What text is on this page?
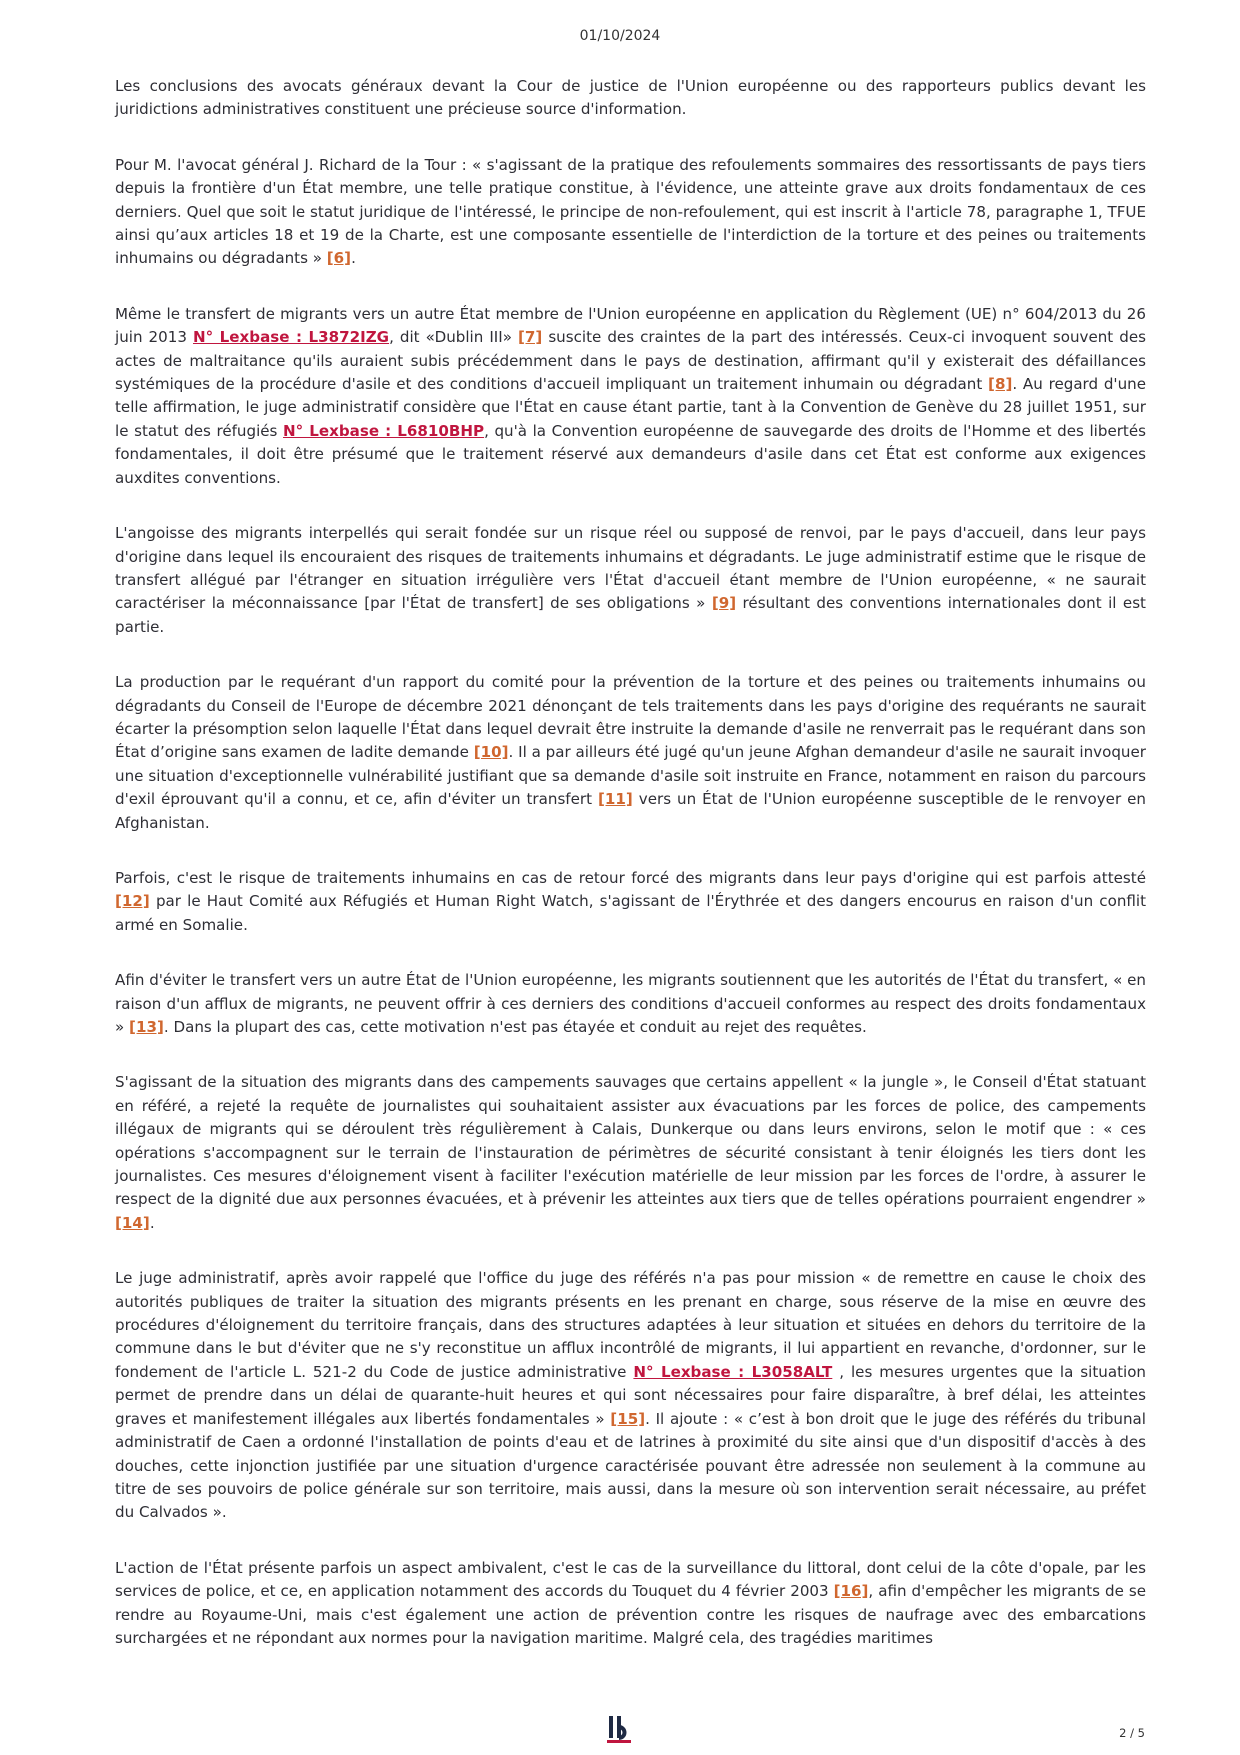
01/10/2024

Les conclusions des avocats généraux devant la Cour de justice de l'Union européenne ou des rapporteurs publics devant les juridictions administratives constituent une précieuse source d'information.

Pour M. l'avocat général J. Richard de la Tour : « s'agissant de la pratique des refoulements sommaires des ressortissants de pays tiers depuis la frontière d'un État membre, une telle pratique constitue, à l'évidence, une atteinte grave aux droits fondamentaux de ces derniers. Quel que soit le statut juridique de l'intéressé, le principe de non-refoulement, qui est inscrit à l'article 78, paragraphe 1, TFUE ainsi qu’aux articles 18 et 19 de la Charte, est une composante essentielle de l'interdiction de la torture et des peines ou traitements inhumains ou dégradants » [6].

Même le transfert de migrants vers un autre État membre de l'Union européenne en application du Règlement (UE) n° 604/2013 du 26 juin 2013 N° Lexbase : L3872IZG, dit «Dublin III» [7] suscite des craintes de la part des intéressés. Ceux-ci invoquent souvent des actes de maltraitance qu'ils auraient subis précédemment dans le pays de destination, affirmant qu'il y existerait des défaillances systémiques de la procédure d'asile et des conditions d'accueil impliquant un traitement inhumain ou dégradant [8]. Au regard d'une telle affirmation, le juge administratif considère que l'État en cause étant partie, tant à la Convention de Genève du 28 juillet 1951, sur le statut des réfugiés N° Lexbase : L6810BHP, qu'à la Convention européenne de sauvegarde des droits de l'Homme et des libertés fondamentales, il doit être présumé que le traitement réservé aux demandeurs d'asile dans cet État est conforme aux exigences auxdites conventions.

L'angoisse des migrants interpellés qui serait fondée sur un risque réel ou supposé de renvoi, par le pays d'accueil, dans leur pays d'origine dans lequel ils encouraient des risques de traitements inhumains et dégradants. Le juge administratif estime que le risque de transfert allégué par l'étranger en situation irrégulière vers l'État d'accueil étant membre de l'Union européenne, « ne saurait caractériser la méconnaissance [par l'État de transfert] de ses obligations » [9] résultant des conventions internationales dont il est partie.

La production par le requérant d'un rapport du comité pour la prévention de la torture et des peines ou traitements inhumains ou dégradants du Conseil de l'Europe de décembre 2021 dénonçant de tels traitements dans les pays d'origine des requérants ne saurait écarter la présomption selon laquelle l'État dans lequel devrait être instruite la demande d'asile ne renverrait pas le requérant dans son État d’origine sans examen de ladite demande [10]. Il a par ailleurs été jugé qu'un jeune Afghan demandeur d'asile ne saurait invoquer une situation d'exceptionnelle vulnérabilité justifiant que sa demande d'asile soit instruite en France, notamment en raison du parcours d'exil éprouvant qu'il a connu, et ce, afin d'éviter un transfert [11] vers un État de l'Union européenne susceptible de le renvoyer en Afghanistan.

Parfois, c'est le risque de traitements inhumains en cas de retour forcé des migrants dans leur pays d'origine qui est parfois attesté [12] par le Haut Comité aux Réfugiés et Human Right Watch, s'agissant de l'Érythrée et des dangers encourus en raison d'un conflit armé en Somalie.

Afin d'éviter le transfert vers un autre État de l'Union européenne, les migrants soutiennent que les autorités de l'État du transfert, « en raison d'un afflux de migrants, ne peuvent offrir à ces derniers des conditions d'accueil conformes au respect des droits fondamentaux » [13]. Dans la plupart des cas, cette motivation n'est pas étayée et conduit au rejet des requêtes.

S'agissant de la situation des migrants dans des campements sauvages que certains appellent « la jungle », le Conseil d'État statuant en référé, a rejeté la requête de journalistes qui souhaitaient assister aux évacuations par les forces de police, des campements illégaux de migrants qui se déroulent très régulièrement à Calais, Dunkerque ou dans leurs environs, selon le motif que : « ces opérations s'accompagnent sur le terrain de l'instauration de périmètres de sécurité consistant à tenir éloignés les tiers dont les journalistes. Ces mesures d'éloignement visent à faciliter l'exécution matérielle de leur mission par les forces de l'ordre, à assurer le respect de la dignité due aux personnes évacuées, et à prévenir les atteintes aux tiers que de telles opérations pourraient engendrer » [14].

Le juge administratif, après avoir rappelé que l'office du juge des référés n'a pas pour mission « de remettre en cause le choix des autorités publiques de traiter la situation des migrants présents en les prenant en charge, sous réserve de la mise en œuvre des procédures d'éloignement du territoire français, dans des structures adaptées à leur situation et situées en dehors du territoire de la commune dans le but d'éviter que ne s'y reconstitue un afflux incontrôlé de migrants, il lui appartient en revanche, d'ordonner, sur le fondement de l'article L. 521-2 du Code de justice administrative N° Lexbase : L3058ALT , les mesures urgentes que la situation permet de prendre dans un délai de quarante-huit heures et qui sont nécessaires pour faire disparaître, à bref délai, les atteintes graves et manifestement illégales aux libertés fondamentales » [15]. Il ajoute : « c’est à bon droit que le juge des référés du tribunal administratif de Caen a ordonné l'installation de points d'eau et de latrines à proximité du site ainsi que d'un dispositif d'accès à des douches, cette injonction justifiée par une situation d'urgence caractérisée pouvant être adressée non seulement à la commune au titre de ses pouvoirs de police générale sur son territoire, mais aussi, dans la mesure où son intervention serait nécessaire, au préfet du Calvados ».

L'action de l'État présente parfois un aspect ambivalent, c'est le cas de la surveillance du littoral, dont celui de la côte d'opale, par les services de police, et ce, en application notamment des accords du Touquet du 4 février 2003 [16], afin d'empêcher les migrants de se rendre au Royaume-Uni, mais c'est également une action de prévention contre les risques de naufrage avec des embarcations surchargées et ne répondant aux normes pour la navigation maritime. Malgré cela, des tragédies maritimes

2 / 5
